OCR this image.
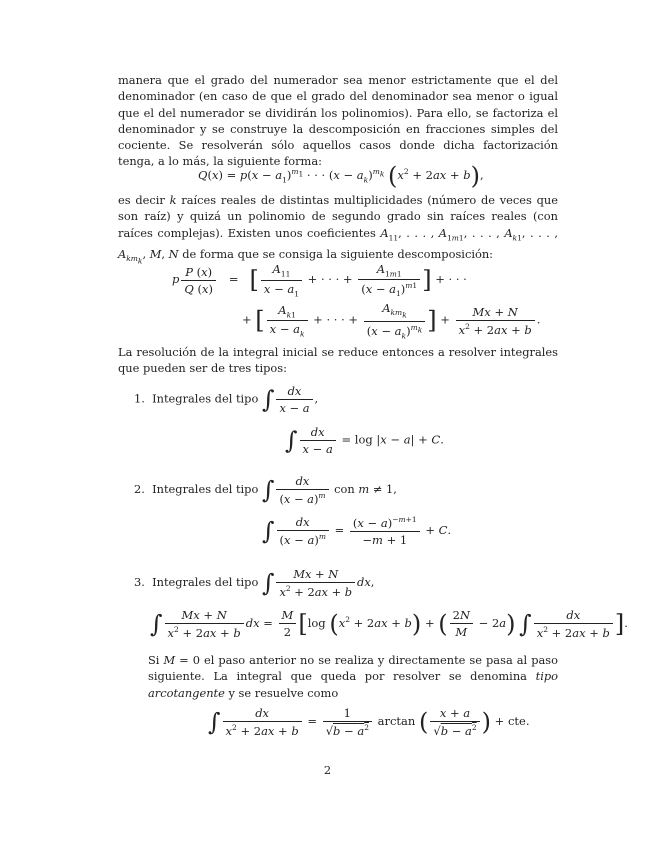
manera que el grado del numerador sea menor estrictamente que el del denominador (en caso de que el grado del denominador sea menor o igual que el del numerador se dividirán los polinomios). Para ello, se factoriza el denominador y se construye la descomposición en fracciones simples del cociente. Se resolverán sólo aquellos casos donde dicha factorización tenga, a lo más, la siguiente forma:
$Q(x) = p(x - a_1)^{m_1}$ · · · $(x - a_k)^{m_k}$ $(x^2 + 2ax + b)$,
es decir k raíces reales de distintas multiplicidades (número de veces que son raíz) y quizá un polinomio de segundo grado sin raíces reales (con raíces complejas). Existen unos coeficientes $A_{11}$, . . . , $A_{1m1}$, . . . , $A_{k1}$, . . . , $A_{km_k}$, M, N de forma que se consiga la siguiente descomposición:
p $\frac{P (x)}{Q (x)}$ =   [ $\frac{A_{11}}{x - a_1}$ + · · · + $\frac{A_{1m1}}{(x - a_1)^{m1}}$ ] + · · ·
+ [ $\frac{A_{k1}}{x - a_k}$ + · · · + $\frac{A_{km_k}}{(x - a_k)^{m_k}}$ ] + $\frac{Mx + N}{x^2 + 2ax + b}$ .
La resolución de la integral inicial se reduce entonces a resolver integrales que pueden ser de tres tipos:
1. Integrales del tipo ∫ $\frac{dx}{x - a}$ ,
∫ $\frac{dx}{x - a} = \log |x - a| + C$.
2. Integrales del tipo ∫ $\frac{dx}{(x - a)^m}$ con m ≠ 1,
∫ $\frac{dx}{(x - a)^m} = \frac{(x - a)^{-m+1}}{-m + 1} + C$.
3. Integrales del tipo ∫ $\frac{Mx + N}{x^2 + 2ax + b}$ dx,
∫ $\frac{Mx + N}{x^2 + 2ax + b}$ dx = $\frac{M}{2} [\log$ $(x^2 + 2ax + b)$ + ( $\frac{2N}{M} - 2a$) ∫ $\frac{dx}{x^2 + 2ax + b}$ ].
Si M = 0 el paso anterior no se realiza y directamente se pasa al paso siguiente. La integral que queda por resolver se denomina tipo arcotangente y se resuelve como
∫ $\frac{dx}{x^2 + 2ax + b} = \frac{1}{√b - a^2}$ arctan ( $\frac{x + a}{√b - a^2}$ ) + cte.
2
